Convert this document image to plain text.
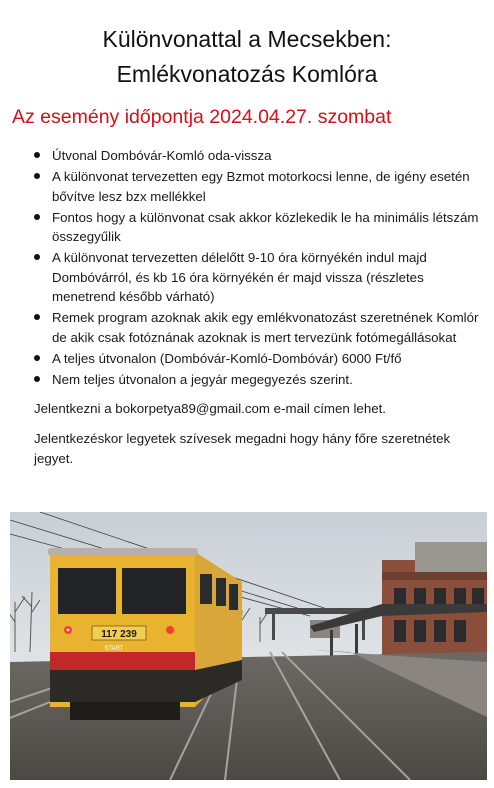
Különvonattal a Mecsekben:
Emlékvonatozás Komlóra
Az esemény időpontja 2024.04.27. szombat
Útvonal Dombóvár-Komló oda-vissza
A különvonat tervezetten egy Bzmot motorkocsi lenne, de igény esetén bővítve lesz bzx mellékkel
Fontos hogy a különvonat csak akkor közlekedik le ha minimális létszám összegyűlik
A különvonat tervezetten délelőtt 9-10 óra környékén indul majd Dombóvárról, és kb 16 óra környékén ér majd vissza (részletes menetrend később várható)
Remek program azoknak akik egy emlékvonatozást szeretnének Komlór de akik csak fotóznának azoknak is mert tervezünk fotómegállásokat
A teljes útvonalon (Dombóvár-Komló-Dombóvár) 6000 Ft/fő
Nem teljes útvonalon a jegyár megegyezés szerint.
Jelentkezni a bokorpetya89@gmail.com e-mail címen lehet.
Jelentkezéskor legyetek szívesek megadni hogy hány főre szeretnétek jegyet.
117 239
START
